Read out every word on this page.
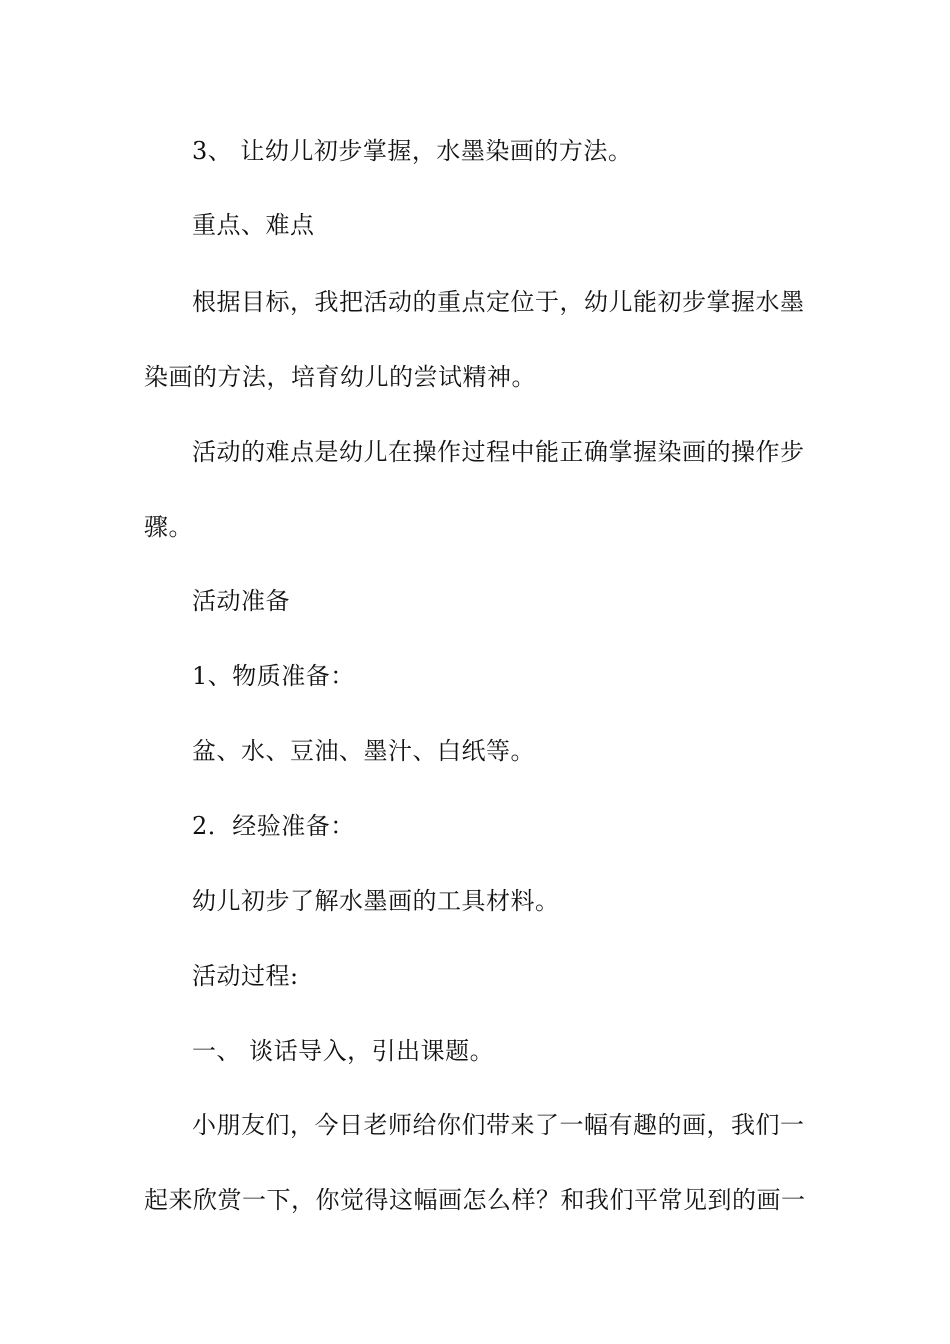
3、 让幼儿初步掌握，水墨染画的方法。
重点、难点
根据目标，我把活动的重点定位于，幼儿能初步掌握水墨
染画的方法，培育幼儿的尝试精神。
活动的难点是幼儿在操作过程中能正确掌握染画的操作步
骤。
活动准备
1、物质准备：
盆、水、豆油、墨汁、白纸等。
2．经验准备：
幼儿初步了解水墨画的工具材料。
活动过程:
一、 谈话导入，引出课题。
小朋友们，今日老师给你们带来了一幅有趣的画，我们一
起来欣赏一下，你觉得这幅画怎么样？和我们平常见到的画一
